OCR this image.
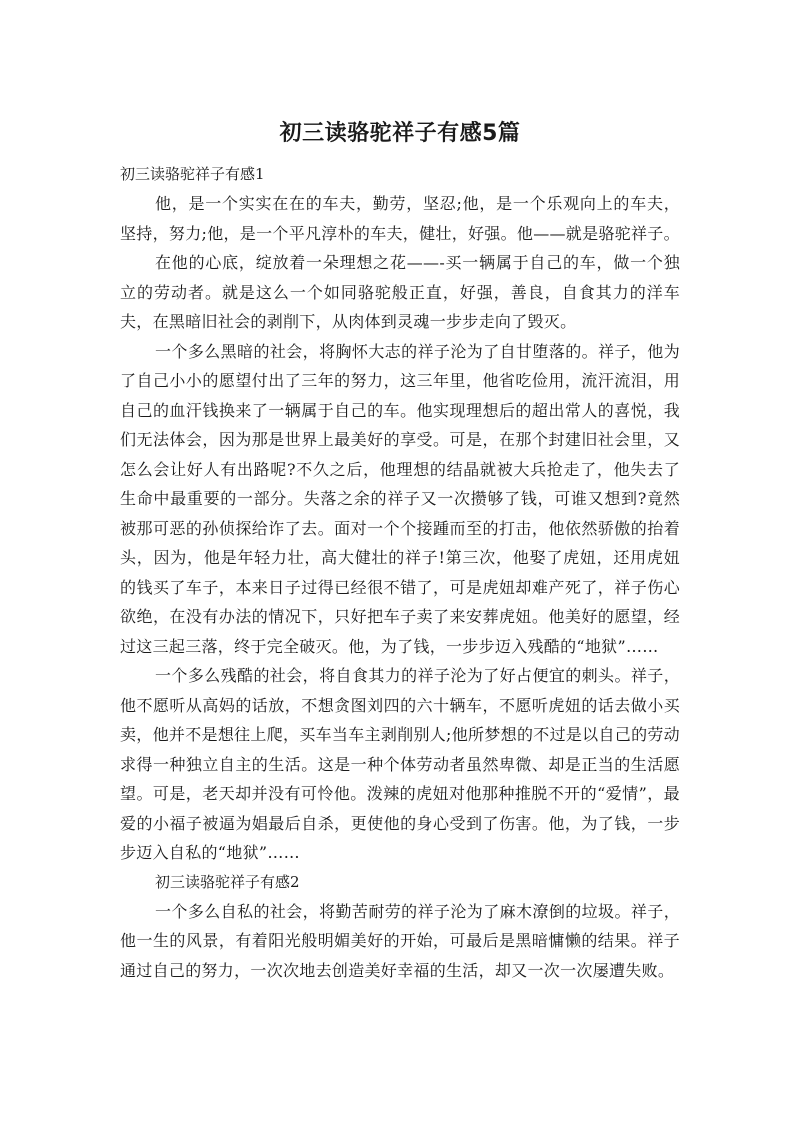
初三读骆驼祥子有感5篇

初三读骆驼祥子有感1

他，是一个实实在在的车夫，勤劳，坚忍;他，是一个乐观向上的车夫，坚持，努力;他，是一个平凡淳朴的车夫，健壮，好强。他——就是骆驼祥子。

在他的心底，绽放着一朵理想之花——-买一辆属于自己的车，做一个独立的劳动者。就是这么一个如同骆驼般正直，好强，善良，自食其力的洋车夫，在黑暗旧社会的剥削下，从肉体到灵魂一步步走向了毁灭。

一个多么黑暗的社会，将胸怀大志的祥子沦为了自甘堕落的。祥子，他为了自己小小的愿望付出了三年的努力，这三年里，他省吃俭用，流汗流泪，用自己的血汗钱换来了一辆属于自己的车。他实现理想后的超出常人的喜悦，我们无法体会，因为那是世界上最美好的享受。可是，在那个封建旧社会里，又怎么会让好人有出路呢?不久之后，他理想的结晶就被大兵抢走了，他失去了生命中最重要的一部分。失落之余的祥子又一次攒够了钱，可谁又想到?竟然被那可恶的孙侦探给诈了去。面对一个个接踵而至的打击，他依然骄傲的抬着头，因为，他是年轻力壮，高大健壮的祥子!第三次，他娶了虎妞，还用虎妞的钱买了车子，本来日子过得已经很不错了，可是虎妞却难产死了，祥子伤心欲绝，在没有办法的情况下，只好把车子卖了来安葬虎妞。他美好的愿望，经过这三起三落，终于完全破灭。他，为了钱，一步步迈入残酷的“地狱”……

一个多么残酷的社会，将自食其力的祥子沦为了好占便宜的刺头。祥子，他不愿听从高妈的话放，不想贪图刘四的六十辆车，不愿听虎妞的话去做小买卖，他并不是想往上爬，买车当车主剥削别人;他所梦想的不过是以自己的劳动求得一种独立自主的生活。这是一种个体劳动者虽然卑微、却是正当的生活愿望。可是，老天却并没有可怜他。泼辣的虎妞对他那种推脱不开的“爱情”，最爱的小福子被逼为娼最后自杀，更使他的身心受到了伤害。他，为了钱，一步步迈入自私的“地狱”……

初三读骆驼祥子有感2

一个多么自私的社会，将勤苦耐劳的祥子沦为了麻木潦倒的垃圾。祥子，他一生的风景，有着阳光般明媚美好的开始，可最后是黑暗慵懒的结果。祥子通过自己的努力，一次次地去创造美好幸福的生活，却又一次一次屡遭失败。
